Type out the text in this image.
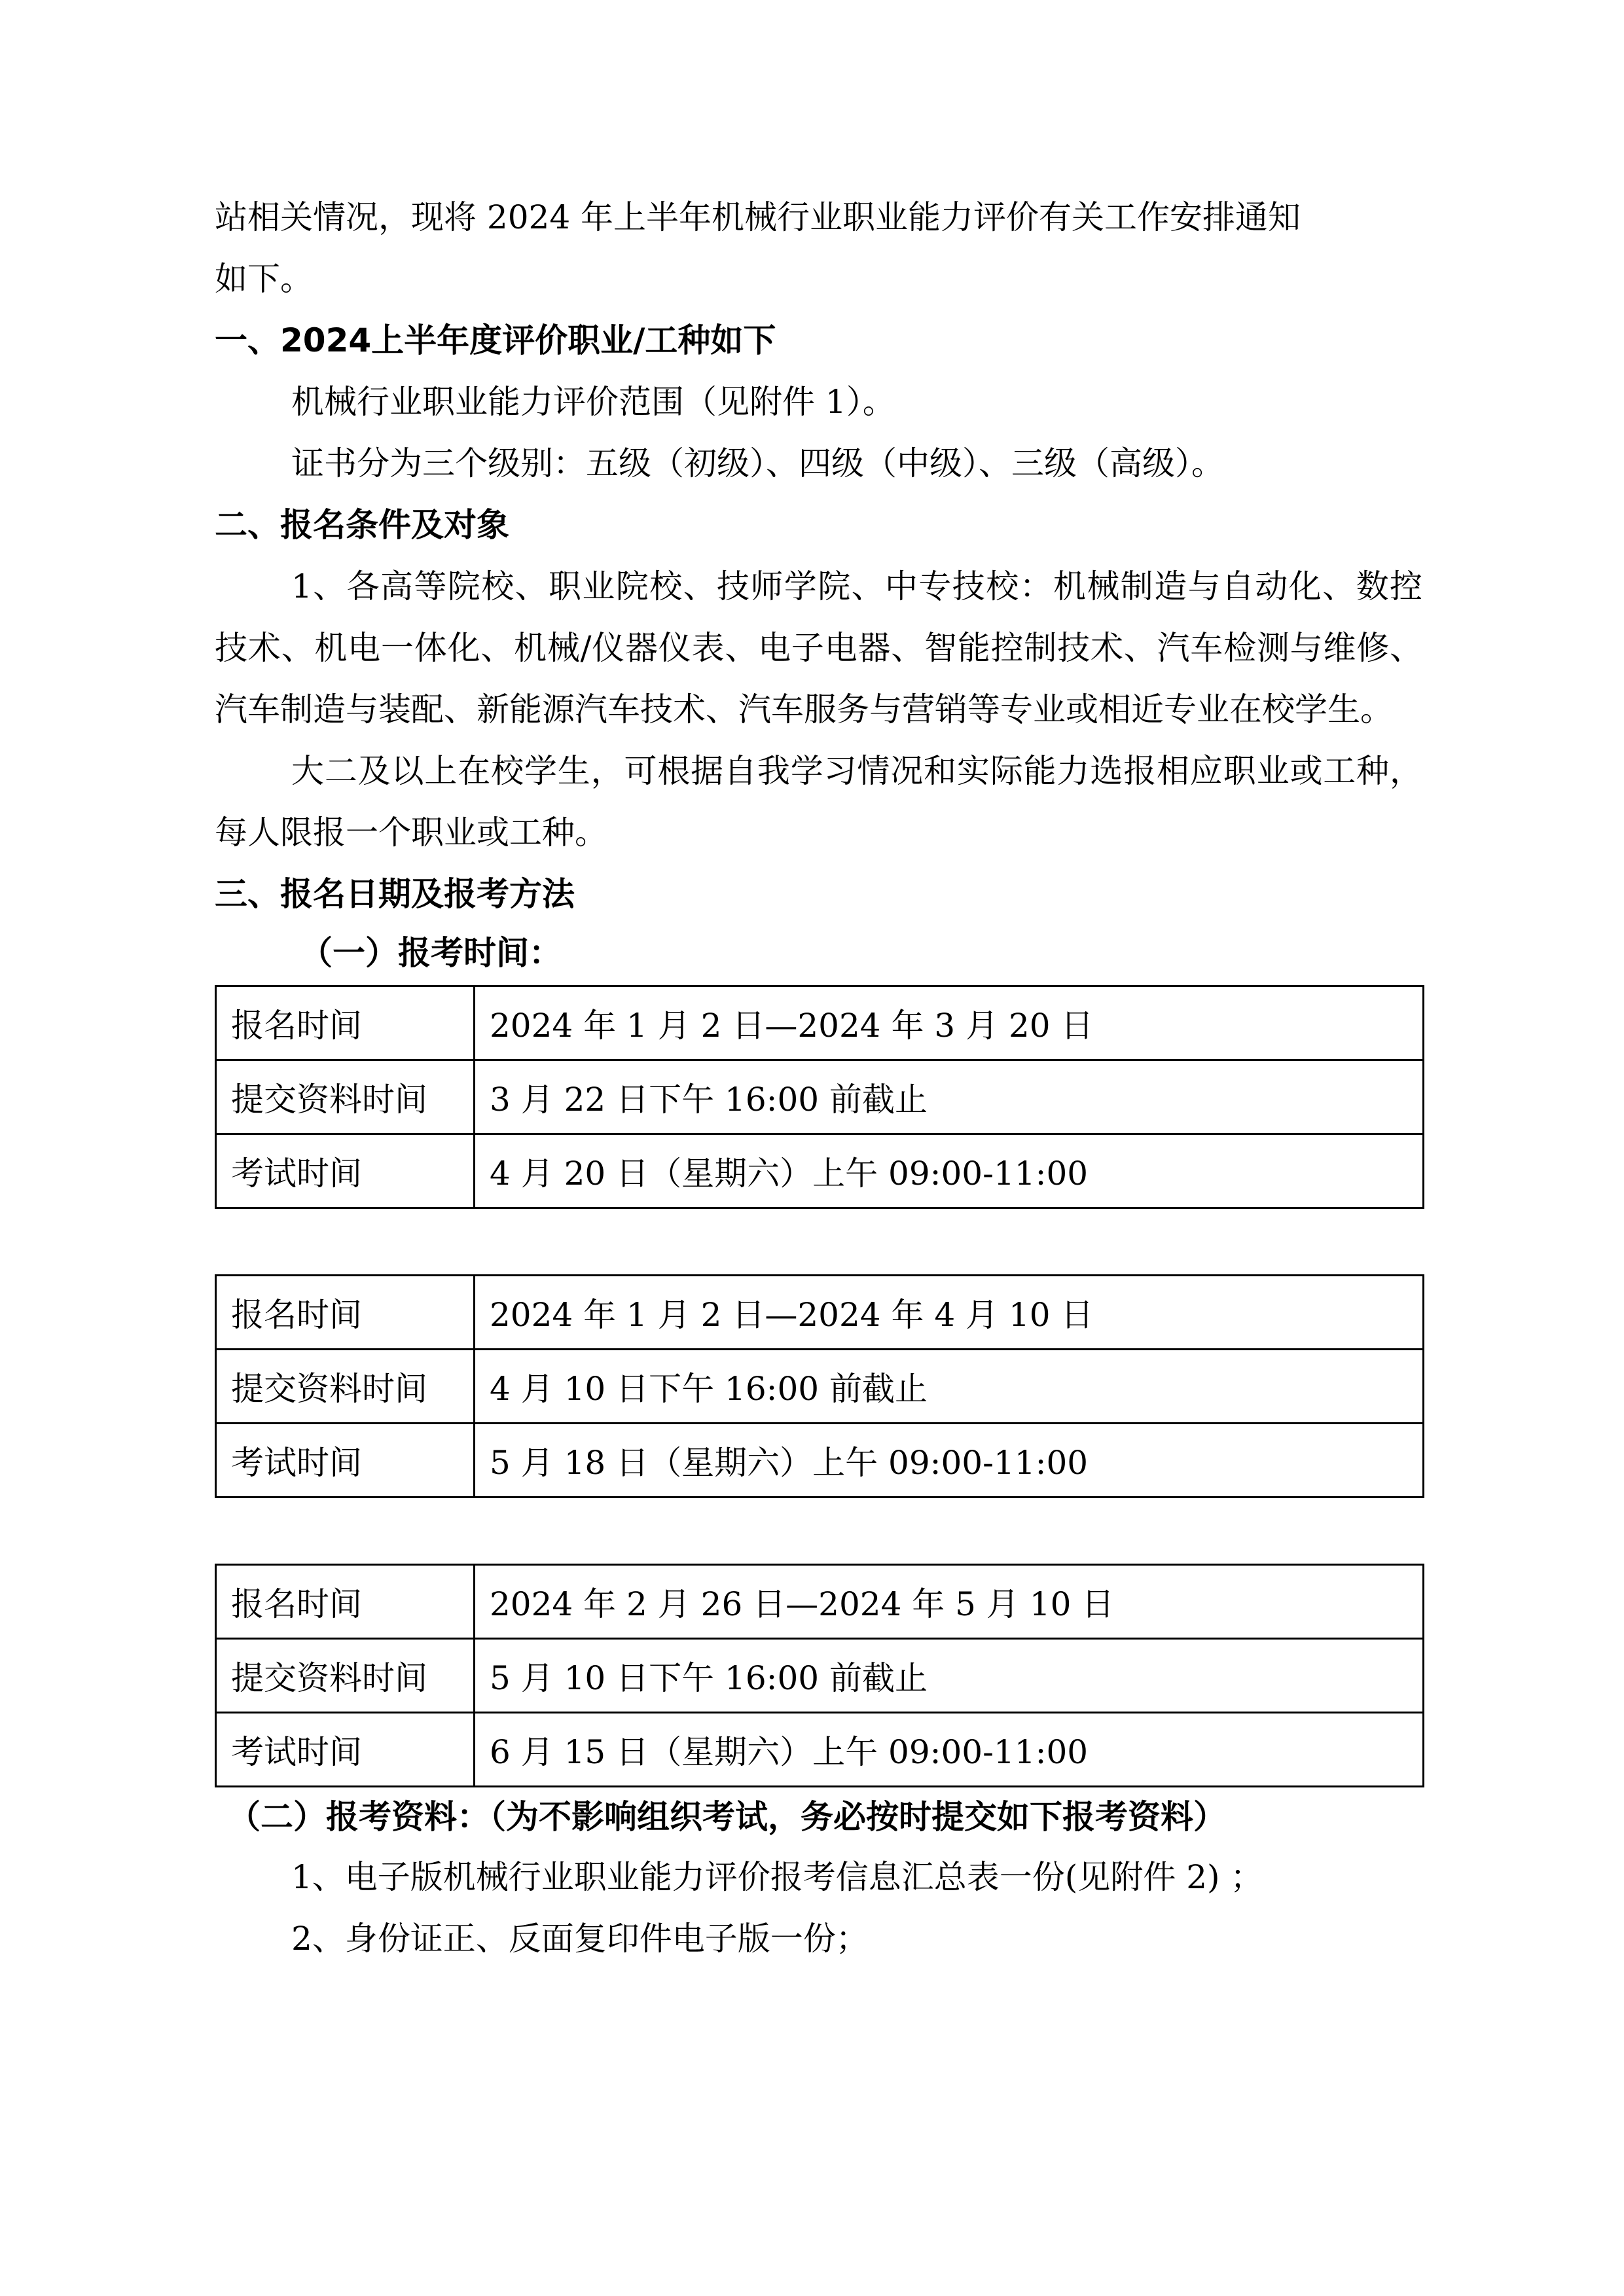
站相关情况，现将 2024 年上半年机械行业职业能力评价有关工作安排通知

如下。

一、2024上半年度评价职业/工种如下

机械行业职业能力评价范围（见附件 1）。

证书分为三个级别：五级（初级）、四级（中级）、三级（高级）。

二、报名条件及对象

1、各高等院校、职业院校、技师学院、中专技校：机械制造与自动化、数控技术、机电一体化、机械/仪器仪表、电子电器、智能控制技术、汽车检测与维修、汽车制造与装配、新能源汽车技术、汽车服务与营销等专业或相近专业在校学生。

大二及以上在校学生，可根据自我学习情况和实际能力选报相应职业或工种，每人限报一个职业或工种。

三、报名日期及报考方法

（一）报考时间：

报名时间	2024 年 1 月 2 日—2024 年 3 月 20 日
提交资料时间	3 月 22 日下午 16:00 前截止
考试时间	4 月 20 日（星期六）上午 09:00-11:00
报名时间	2024 年 1 月 2 日—2024 年 4 月 10 日
提交资料时间	4 月 10 日下午 16:00 前截止
考试时间	5 月 18 日（星期六）上午 09:00-11:00
报名时间	2024 年 2 月 26 日—2024 年 5 月 10 日
提交资料时间	5 月 10 日下午 16:00 前截止
考试时间	6 月 15 日（星期六）上午 09:00-11:00

（二）报考资料：（为不影响组织考试，务必按时提交如下报考资料）

1、电子版机械行业职业能力评价报考信息汇总表一份(见附件 2) ；

2、身份证正、反面复印件电子版一份；
